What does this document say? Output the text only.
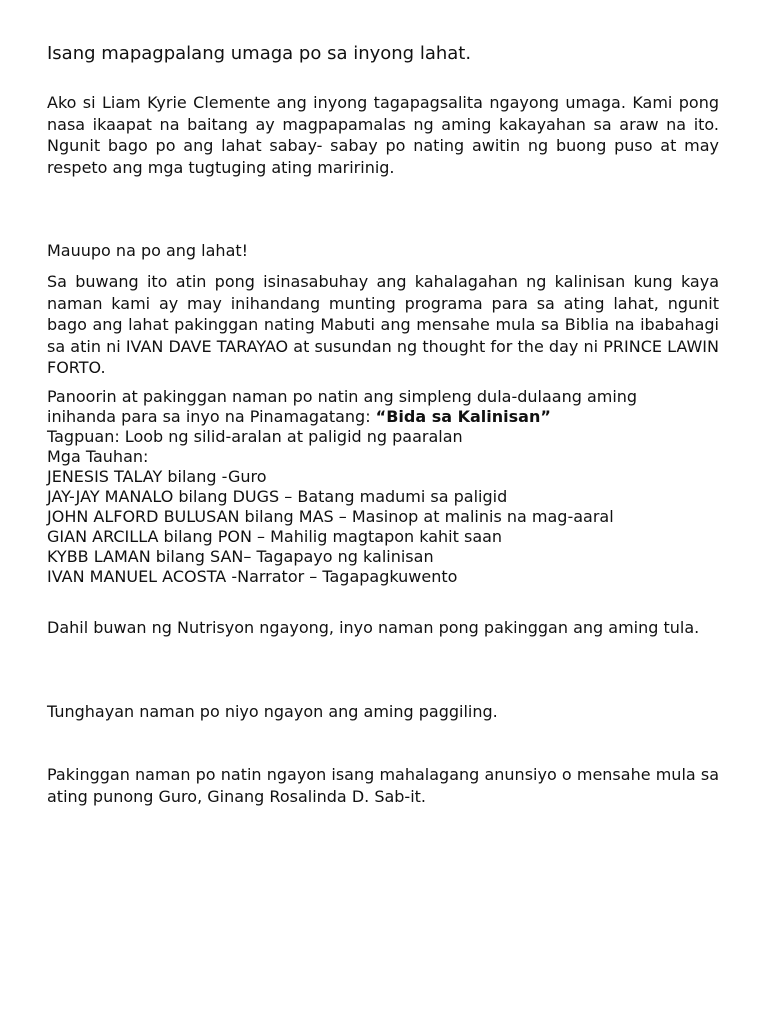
Isang mapagpalang umaga po sa inyong lahat.

Ako si Liam Kyrie Clemente ang inyong tagapagsalita ngayong umaga. Kami pong nasa ikaapat na baitang ay magpapamalas ng aming kakayahan sa araw na ito. Ngunit bago po ang lahat sabay- sabay po nating awitin ng buong puso at may respeto ang mga tugtuging ating maririnig.

Mauupo na po ang lahat!

Sa buwang ito atin pong isinasabuhay ang kahalagahan ng kalinisan kung kaya naman kami ay may inihandang munting programa para sa ating lahat, ngunit bago ang lahat pakinggan nating Mabuti ang mensahe mula sa Biblia na ibabahagi sa atin ni IVAN DAVE TARAYAO at susundan ng thought for the day ni PRINCE LAWIN FORTO.

Panoorin at pakinggan naman po natin ang simpleng dula-dulaang aming
inihanda para sa inyo na Pinamagatang: “Bida sa Kalinisan”
Tagpuan: Loob ng silid-aralan at paligid ng paaralan
Mga Tauhan:
JENESIS TALAY bilang -Guro
JAY-JAY MANALO bilang DUGS – Batang madumi sa paligid
JOHN ALFORD BULUSAN bilang MAS – Masinop at malinis na mag-aaral
GIAN ARCILLA bilang PON – Mahilig magtapon kahit saan
KYBB LAMAN bilang SAN– Tagapayo ng kalinisan
IVAN MANUEL ACOSTA -Narrator – Tagapagkuwento

Dahil buwan ng Nutrisyon ngayong, inyo naman pong pakinggan ang aming tula.

Tunghayan naman po niyo ngayon ang aming paggiling.

Pakinggan naman po natin ngayon isang mahalagang anunsiyo o mensahe mula sa ating punong Guro, Ginang Rosalinda D. Sab-it.
